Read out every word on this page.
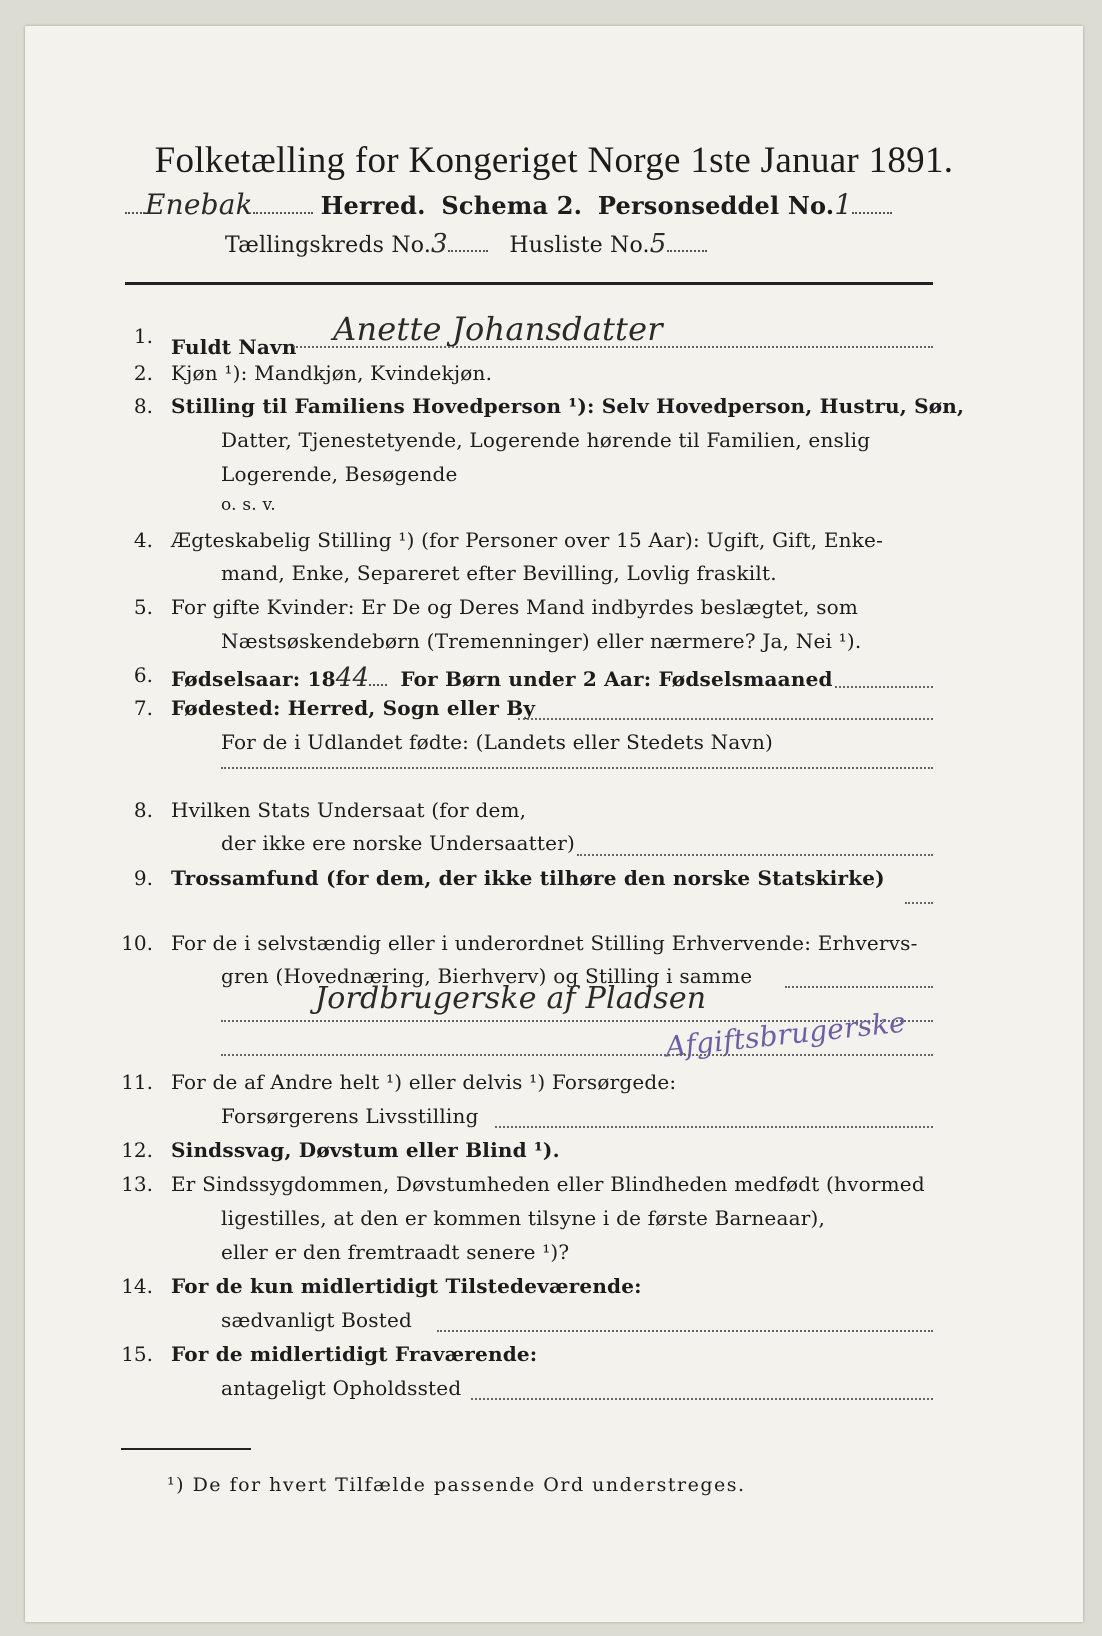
Folketælling for Kongeriget Norge 1ste Januar 1891.
Enebak	Herred. Schema 2. Personseddel No.1
Tællingskreds No.3	Husliste No.5
1. Fuldt Navn Anette Johansdatter
2. Kjøn ¹): Mandkjøn, Kvindekjøn.
8. Stilling til Familiens Hovedperson ¹): Selv Hovedperson, Hustru, Søn,
Datter, Tjenestetyende, Logerende hørende til Familien, enslig
Logerende, Besøgende
o. s. v.
4. Ægteskabelig Stilling ¹) (for Personer over 15 Aar): Ugift, Gift, Enke-
mand, Enke, Separeret efter Bevilling, Lovlig fraskilt.
5. For gifte Kvinder: Er De og Deres Mand indbyrdes beslægtet, som
Næstsøskendebørn (Tremenninger) eller nærmere? Ja, Nei ¹).
6. Fødselsaar: 1844 For Børn under 2 Aar: Fødselsmaaned
7. Fødested: Herred, Sogn eller By
For de i Udlandet fødte: (Landets eller Stedets Navn)
8. Hvilken Stats Undersaat (for dem,
der ikke ere norske Undersaatter)
9. Trossamfund (for dem, der ikke tilhøre den norske Statskirke)
10. For de i selvstændig eller i underordnet Stilling Erhvervende: Erhvervs-
gren (Hovednæring, Bierhverv) og Stilling i samme
Jordbrugerske af Pladsen
Afgiftsbrugerske
11. For de af Andre helt ¹) eller delvis ¹) Forsørgede:
Forsørgerens Livsstilling
12. Sindssvag, Døvstum eller Blind ¹).
13. Er Sindssygdommen, Døvstumheden eller Blindheden medfødt (hvormed
ligestilles, at den er kommen tilsyne i de første Barneaar),
eller er den fremtraadt senere ¹)?
14. For de kun midlertidigt Tilstedeværende:
sædvanligt Bosted
15. For de midlertidigt Fraværende:
antageligt Opholdssted
¹) De for hvert Tilfælde passende Ord understreges.
